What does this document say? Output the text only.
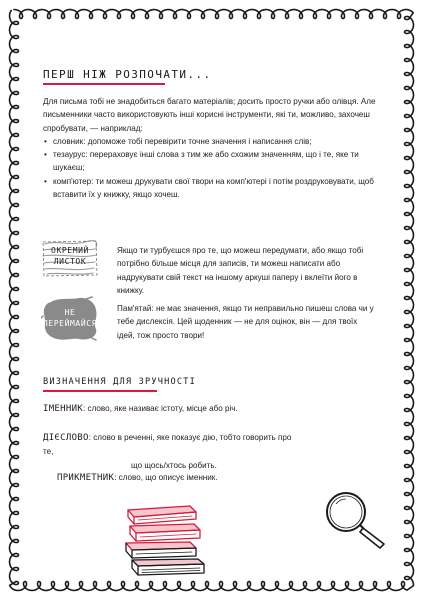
ПЕРШ НІЖ РОЗПОЧАТИ...

Для письма тобі не знадобиться багато матеріалів; досить просто ручки або олівця. Але письменники часто використовують інші корисні інструменти, які ти, можливо, захочеш спробувати, — наприклад:

• словник: допоможе тобі перевірити точне значення і написання слів;
• тезаурус: перераховує інші слова з тим же або схожим значенням, що і те, яке ти шукаєш;
• комп'ютер: ти можеш друкувати свої твори на комп'ютері і потім роздруковувати, щоб вставити їх у книжку, якщо хочеш.
ОКРЕМИЙ
ЛИСТОК
Якщо ти турбуєшся про те, що можеш передумати, або якщо тобі потрібно більше місця для записів, ти можеш написати або надрукувати свій текст на іншому аркуші паперу і вклеїти його в книжку.
НЕ
ПЕРЕЙМАЙСЯ
Пам'ятай: не має значення, якщо ти неправильно пишеш слова чи у тебе дислексія. Цей щоденник — не для оцінок, він — для твоїх ідей, тож просто твори!
ВИЗНАЧЕННЯ ДЛЯ ЗРУЧНОСТІ
ІМЕННИК: слово, яке називає істоту, місце або річ.
ДІЄСЛОВО: слово в реченні, яке показує дію, тобто говорить про те,
що щось/хтось робить.
ПРИКМЕТНИК: слово, що описує іменник.
